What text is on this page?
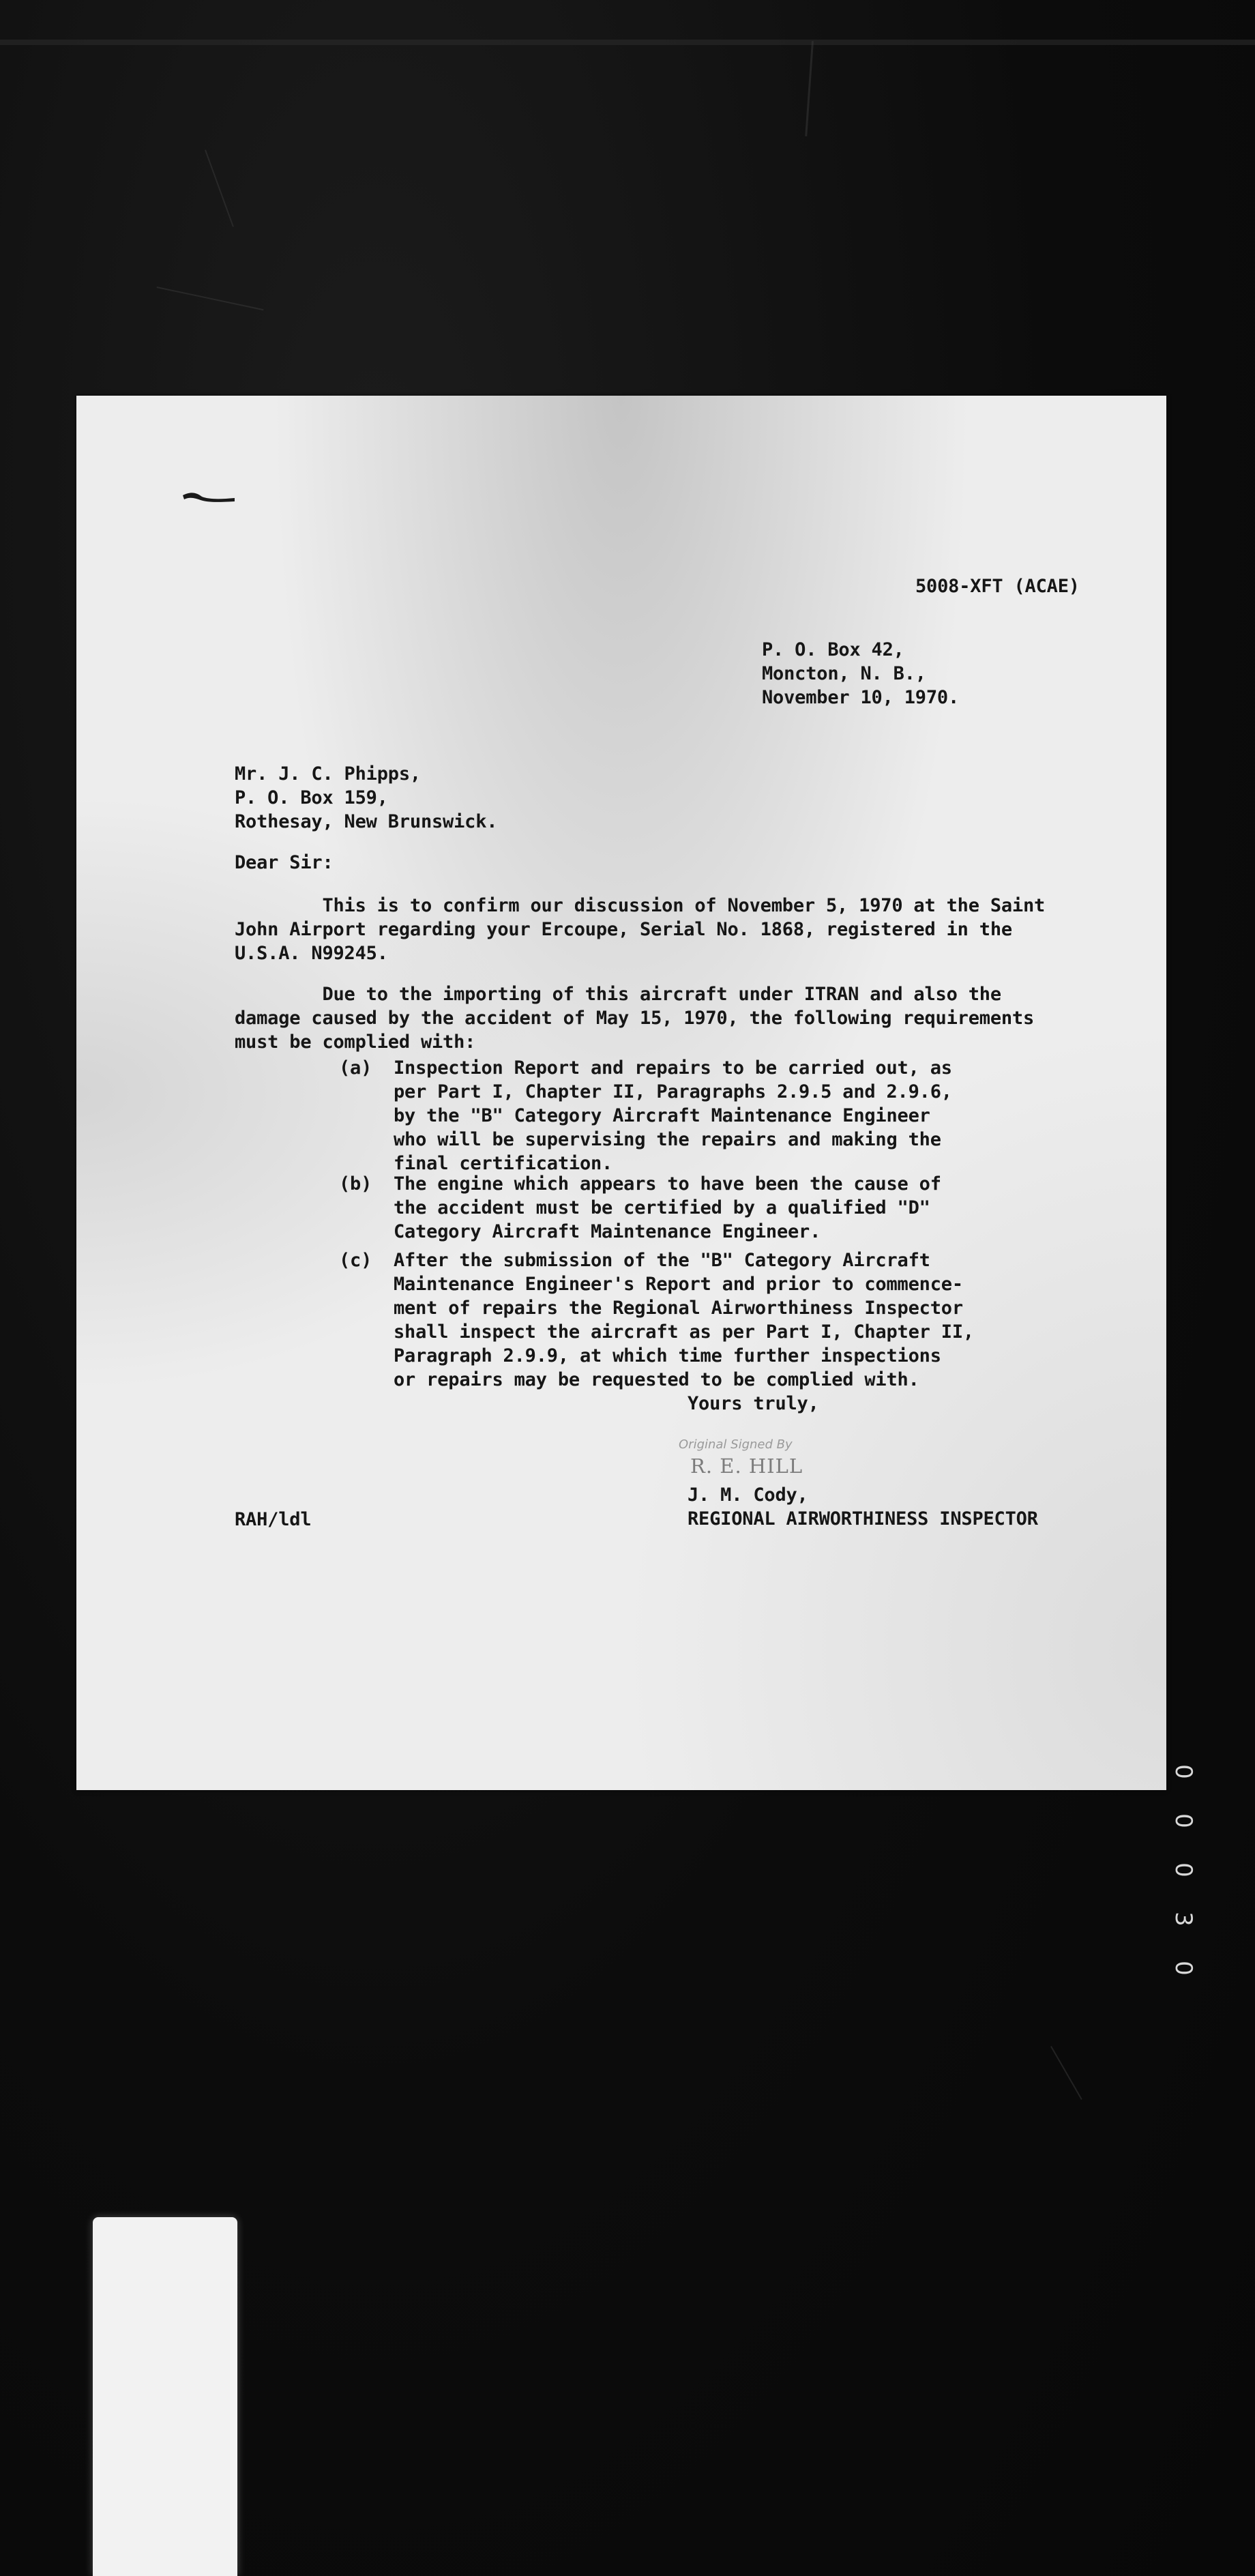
5008-XFT (ACAE)

P. O. Box 42,
Moncton, N. B.,
November 10, 1970.
Mr. J. C. Phipps,
P. O. Box 159,
Rothesay, New Brunswick.

Dear Sir:

This is to confirm our discussion of November 5, 1970 at the Saint
John Airport regarding your Ercoupe, Serial No. 1868, registered in the
U.S.A. N99245.
Due to the importing of this aircraft under ITRAN and also the
damage caused by the accident of May 15, 1970, the following requirements
must be complied with:

(a)

Inspection Report and repairs to be carried out, as
per Part I, Chapter II, Paragraphs 2.9.5 and 2.9.6,
by the "B" Category Aircraft Maintenance Engineer
who will be supervising the repairs and making the
final certification.

(b)

The engine which appears to have been the cause of
the accident must be certified by a qualified "D"
Category Aircraft Maintenance Engineer.

(c)

After the submission of the "B" Category Aircraft
Maintenance Engineer's Report and prior to commence-
ment of repairs the Regional Airworthiness Inspector
shall inspect the aircraft as per Part I, Chapter II,
Paragraph 2.9.9, at which time further inspections
or repairs may be requested to be complied with.

Yours truly,

Original Signed By

R. E. HILL

J. M. Cody,
REGIONAL AIRWORTHINESS INSPECTOR

RAH/ldl

0
0
0
3
0
